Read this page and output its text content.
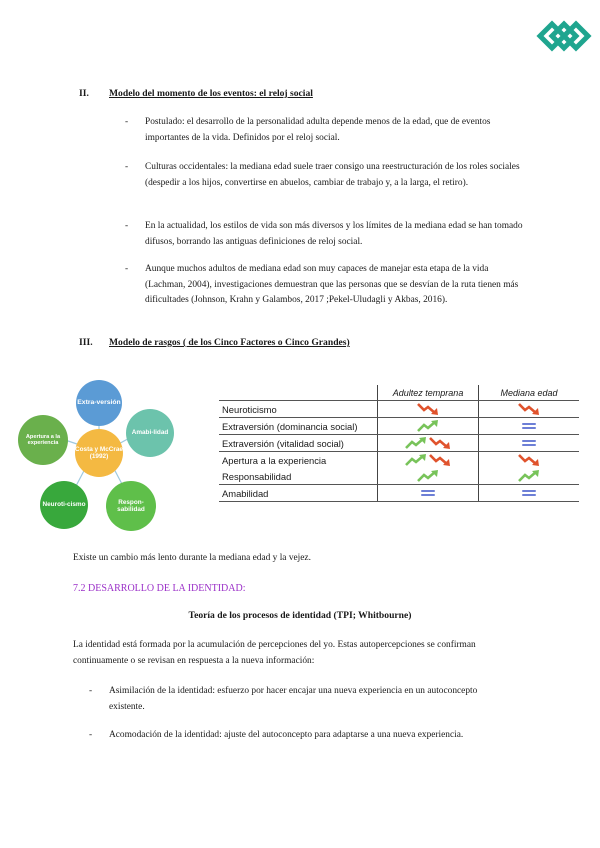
II. Modelo del momento de los eventos: el reloj social
- Postulado: el desarrollo de la personalidad adulta depende menos de la edad, que de eventos importantes de la vida. Definidos por el reloj social.
- Culturas occidentales: la mediana edad suele traer consigo una reestructuración de los roles sociales (despedir a los hijos, convertirse en abuelos, cambiar de trabajo y, a la larga, el retiro).
- En la actualidad, los estilos de vida son más diversos y los límites de la mediana edad se han tomado difusos, borrando las antiguas definiciones de reloj social.
- Aunque muchos adultos de mediana edad son muy capaces de manejar esta etapa de la vida (Lachman, 2004), investigaciones demuestran que las personas que se desvían de la ruta tienen más dificultades (Johnson, Krahn y Galambos, 2017 ;Pekel-Uludagli y Akbas, 2016).
III. Modelo de rasgos ( de los Cinco Factores o Cinco Grandes)
Extra-versión
Amabi-lidad
Respon-sabilidad
Neuroti-cismo
Apertura a la experiencia
Costa y McCrae (1992)
	Adultez temprana	Mediana edad
Neuroticismo		
Extraversión (dominancia social)		
Extraversión (vitalidad social)		
Apertura a la experiencia		
Responsabilidad		
Amabilidad		
Existe un cambio más lento durante la mediana edad y la vejez.
7.2 DESARROLLO DE LA IDENTIDAD:
Teoría de los procesos de identidad (TPI; Whitbourne)
La identidad está formada por la acumulación de percepciones del yo. Estas autopercepciones se confirman continuamente o se revisan en respuesta a la nueva información:
- Asimilación de la identidad: esfuerzo por hacer encajar una nueva experiencia en un autoconcepto existente.
- Acomodación de la identidad: ajuste del autoconcepto para adaptarse a una nueva experiencia.
